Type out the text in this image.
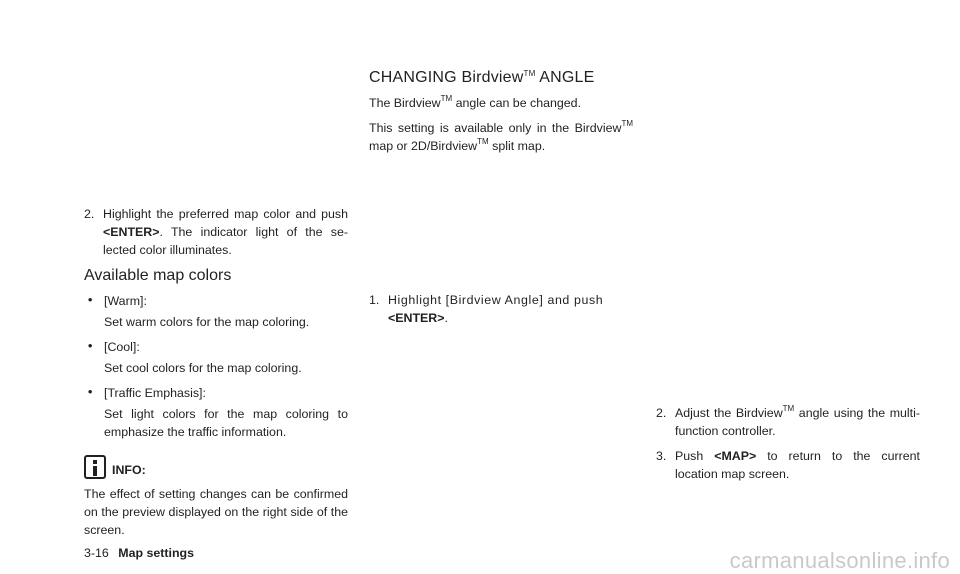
2. Highlight the preferred map color and push <ENTER>. The indicator light of the se- lected color illuminates.

Available map colors

• [Warm]:
Set warm colors for the map coloring.

• [Cool]:
Set cool colors for the map coloring.

• [Traffic Emphasis]:
Set light colors for the map coloring to emphasize the traffic information.

INFO:

The effect of setting changes can be confirmed on the preview displayed on the right side of the screen.

CHANGING Birdview™ ANGLE

The Birdview™ angle can be changed.

This setting is available only in the Birdview™ map or 2D/Birdview™ split map.

1. Highlight [Birdview Angle] and push
<ENTER>.

2. Adjust the Birdview™ angle using the multi- function controller.

3. Push <MAP> to return to the current location map screen.

3-16 Map settings	carmanualsonline.info
